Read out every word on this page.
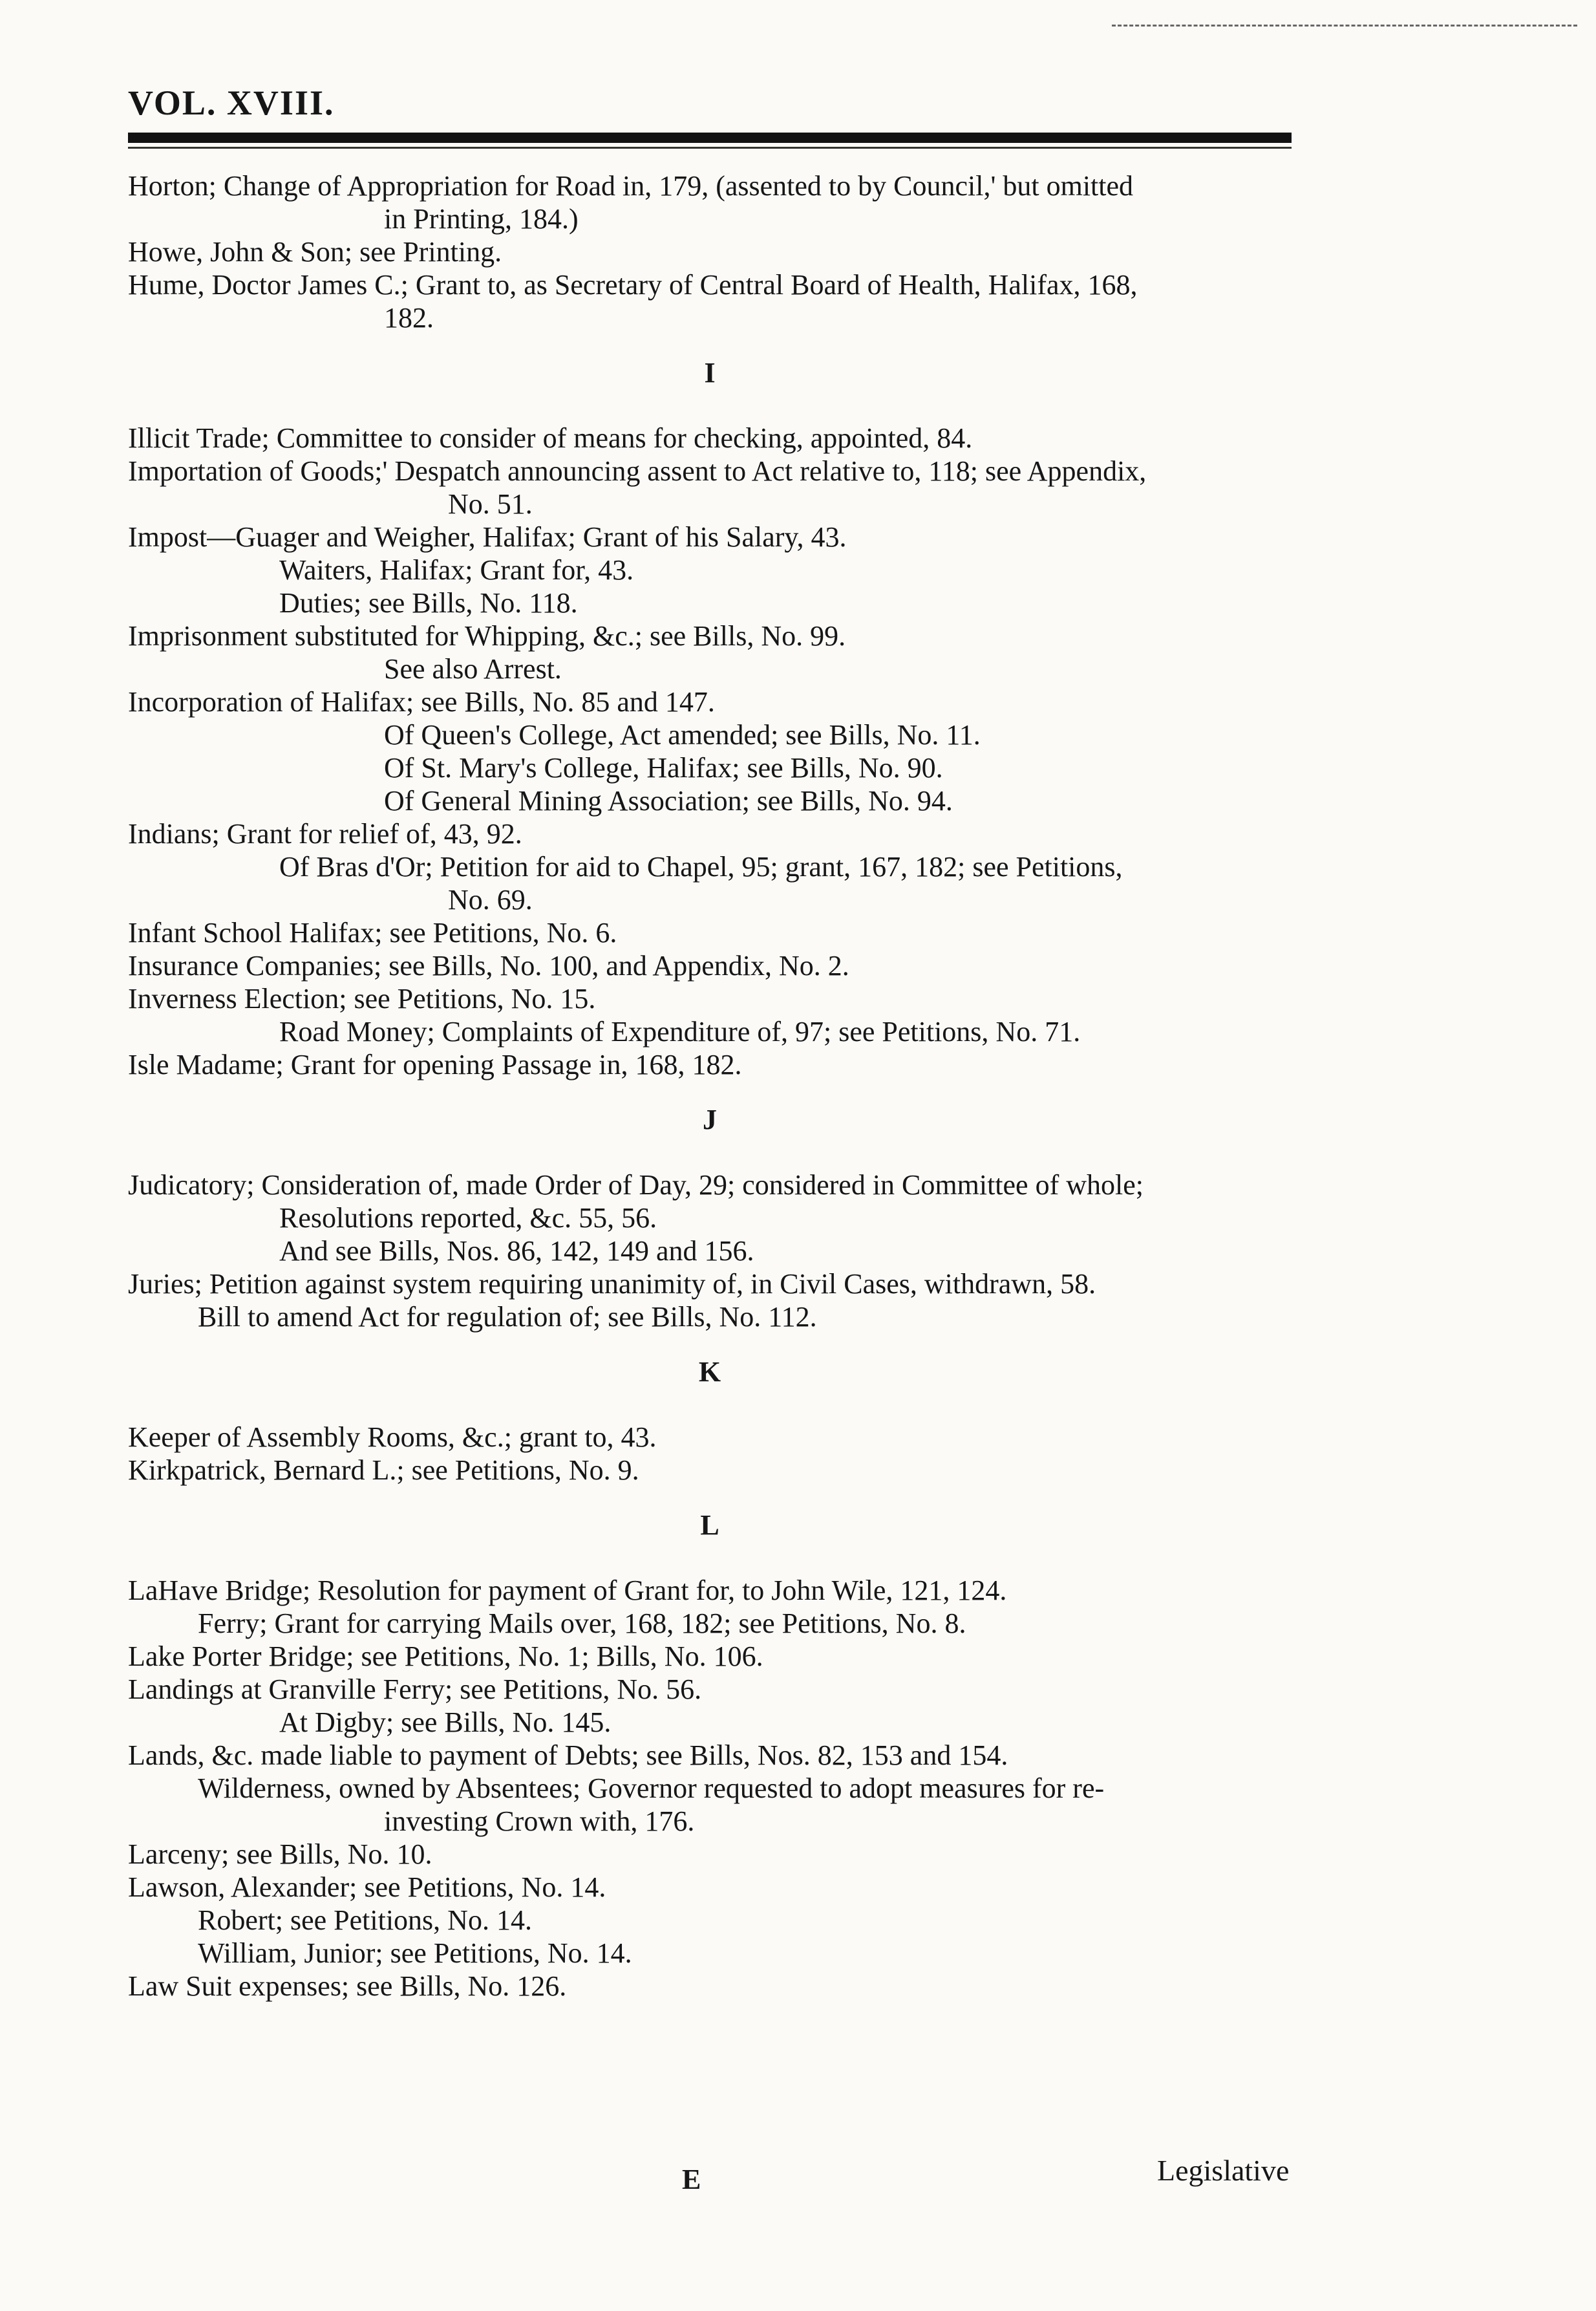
VOL. XVIII.
Horton; Change of Appropriation for Road in, 179, (assented to by Council,' but omitted
in Printing, 184.)
Howe, John & Son; see Printing.
Hume, Doctor James C.; Grant to, as Secretary of Central Board of Health, Halifax, 168,
182.
I
Illicit Trade; Committee to consider of means for checking, appointed, 84.
Importation of Goods;' Despatch announcing assent to Act relative to, 118; see Appendix,
No. 51.
Impost—Guager and Weigher, Halifax; Grant of his Salary, 43.
Waiters, Halifax; Grant for, 43.
Duties; see Bills, No. 118.
Imprisonment substituted for Whipping, &c.; see Bills, No. 99.
See also Arrest.
Incorporation of Halifax; see Bills, No. 85 and 147.
Of Queen's College, Act amended; see Bills, No. 11.
Of St. Mary's College, Halifax; see Bills, No. 90.
Of General Mining Association; see Bills, No. 94.
Indians; Grant for relief of, 43, 92.
Of Bras d'Or; Petition for aid to Chapel, 95; grant, 167, 182; see Petitions,
No. 69.
Infant School Halifax; see Petitions, No. 6.
Insurance Companies; see Bills, No. 100, and Appendix, No. 2.
Inverness Election; see Petitions, No. 15.
Road Money; Complaints of Expenditure of, 97; see Petitions, No. 71.
Isle Madame; Grant for opening Passage in, 168, 182.
J
Judicatory; Consideration of, made Order of Day, 29; considered in Committee of whole;
Resolutions reported, &c. 55, 56.
And see Bills, Nos. 86, 142, 149 and 156.
Juries; Petition against system requiring unanimity of, in Civil Cases, withdrawn, 58.
Bill to amend Act for regulation of; see Bills, No. 112.
K
Keeper of Assembly Rooms, &c.; grant to, 43.
Kirkpatrick, Bernard L.; see Petitions, No. 9.
L
LaHave Bridge; Resolution for payment of Grant for, to John Wile, 121, 124.
Ferry; Grant for carrying Mails over, 168, 182; see Petitions, No. 8.
Lake Porter Bridge; see Petitions, No. 1; Bills, No. 106.
Landings at Granville Ferry; see Petitions, No. 56.
At Digby; see Bills, No. 145.
Lands, &c. made liable to payment of Debts; see Bills, Nos. 82, 153 and 154.
Wilderness, owned by Absentees; Governor requested to adopt measures for re-
investing Crown with, 176.
Larceny; see Bills, No. 10.
Lawson, Alexander; see Petitions, No. 14.
Robert; see Petitions, No. 14.
William, Junior; see Petitions, No. 14.
Law Suit expenses; see Bills, No. 126.
E	Legislative
